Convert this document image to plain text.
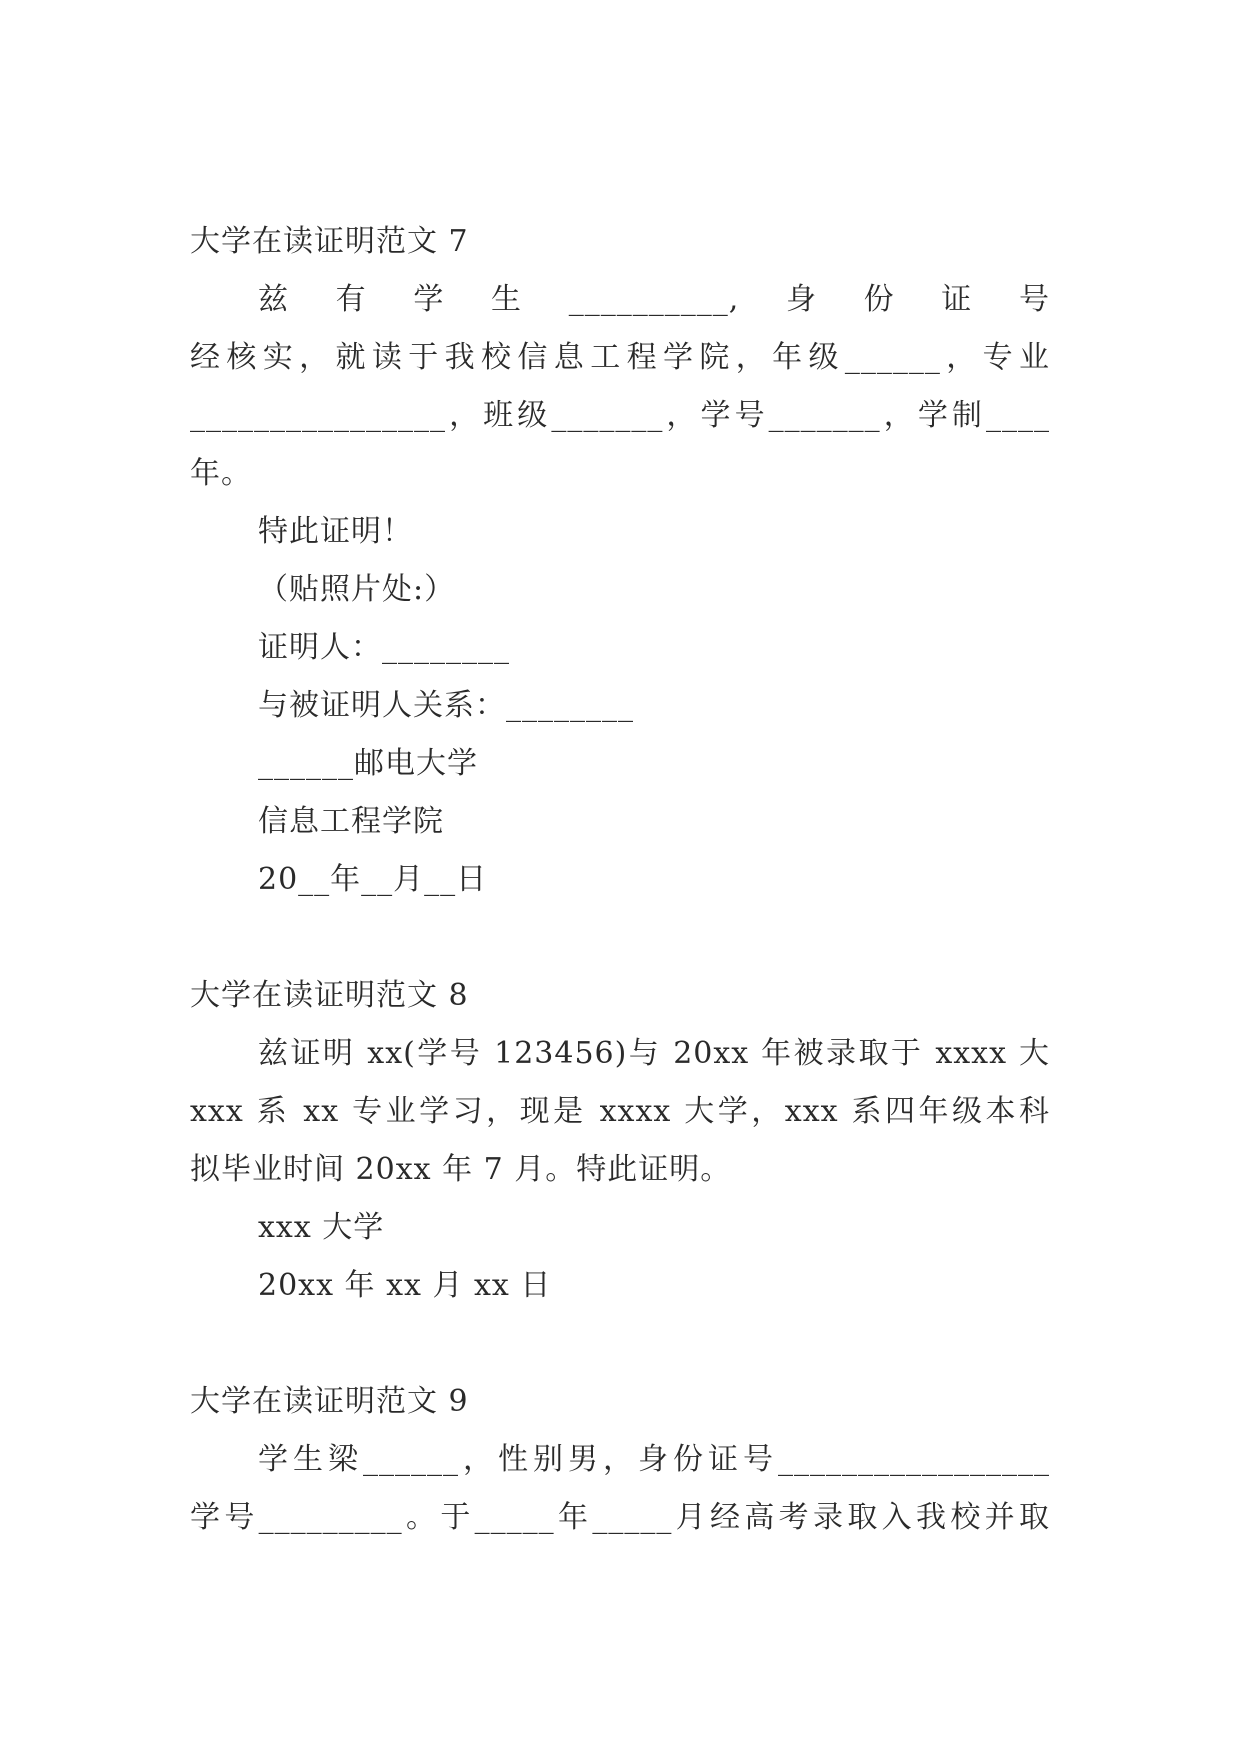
大学在读证明范文 7
兹有学生__________,身份证号
经核实，就读于我校信息工程学院，年级______，专业
________________，班级_______，学号_______，学制____
年。
特此证明！
（贴照片处:）
证明人：________
与被证明人关系：________
______邮电大学
信息工程学院
20__年__月__日
大学在读证明范文 8
兹证明 xx(学号 123456)与 20xx 年被录取于 xxxx 大
xxx 系 xx 专业学习，现是 xxxx 大学，xxx 系四年级本科
拟毕业时间 20xx 年 7 月。特此证明。
xxx 大学
20xx 年 xx 月 xx 日
大学在读证明范文 9
学生梁______，性别男，身份证号_________________
学号_________。于_____年_____月经高考录取入我校并取
